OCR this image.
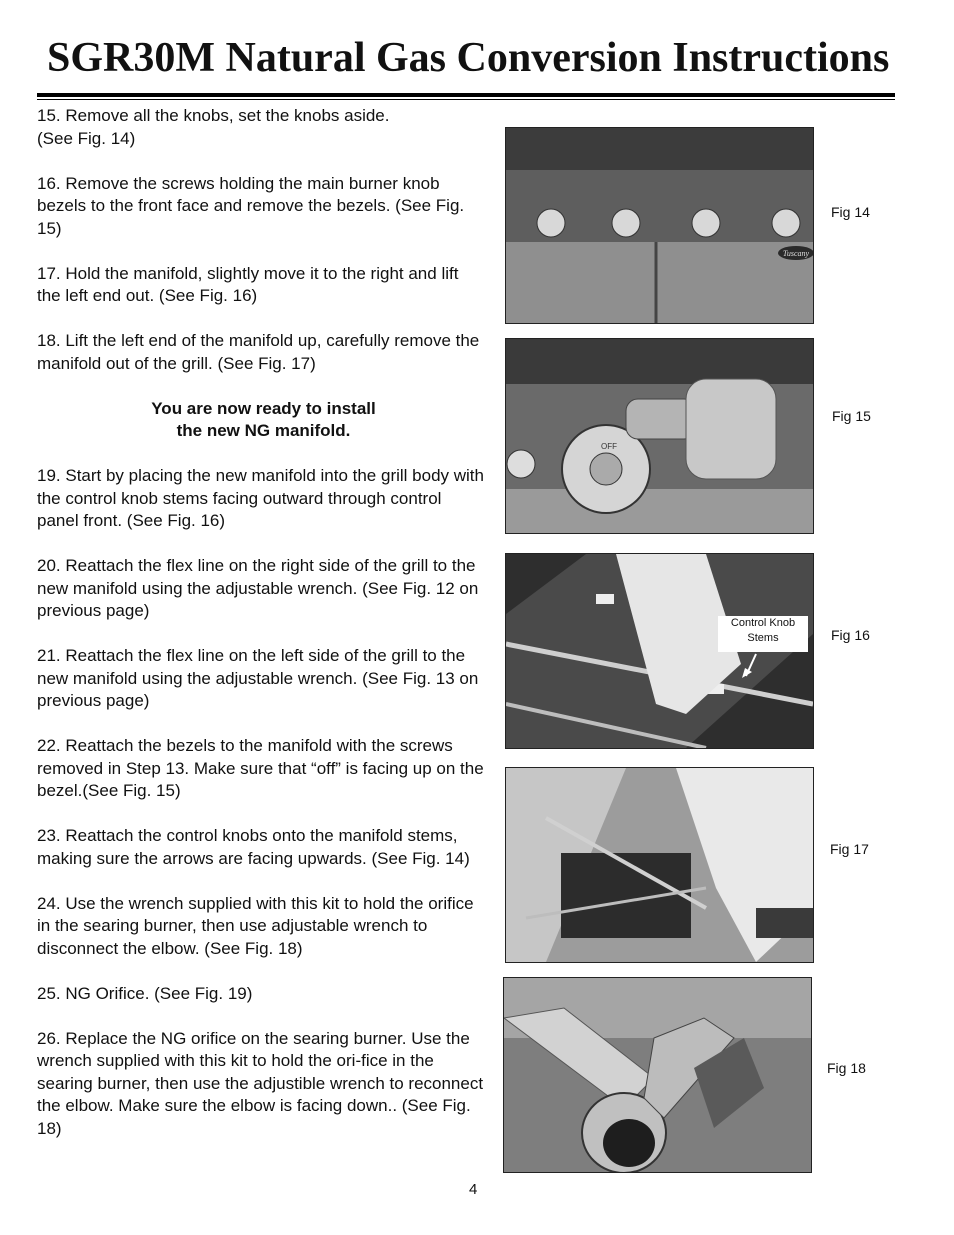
SGR30M Natural Gas Conversion Instructions

15. Remove all the knobs, set the knobs aside.
(See Fig. 14)

16. Remove the screws holding the main burner knob bezels to the front face and remove the bezels. (See Fig. 15)

17. Hold the manifold, slightly move it to the right and lift the left end out. (See Fig. 16)

18. Lift the left end of the manifold up, carefully remove the manifold out of the grill. (See Fig. 17)

You are now ready to install
the new NG manifold.

19. Start by placing the new manifold into the grill body with the control knob stems facing outward through control panel front. (See Fig. 16)

20. Reattach the flex line on the right side of the grill to the new manifold using the adjustable wrench. (See Fig. 12 on previous page)

21. Reattach the flex line on the left side of the grill to the new manifold using the adjustable wrench. (See Fig. 13 on previous page)

22. Reattach the bezels to the manifold with the screws removed in Step 13. Make sure that “off” is facing up on the bezel.(See Fig. 15)

23. Reattach the control knobs onto the manifold stems, making sure the arrows are facing upwards. (See Fig. 14)

24. Use the wrench supplied with this kit to hold the orifice in the searing burner, then use adjustable wrench to disconnect the elbow. (See Fig. 18)

25. NG Orifice. (See Fig. 19)

26. Replace the NG orifice on the searing burner. Use the wrench supplied with this kit to hold the ori-fice in the searing burner, then use the adjustible wrench to reconnect the elbow. Make sure the elbow is facing down.. (See Fig. 18)

Tuscany
Fig 14
OFF
Fig 15
Control Knob
Stems	Fig 16
Fig 17
Fig 18
4
